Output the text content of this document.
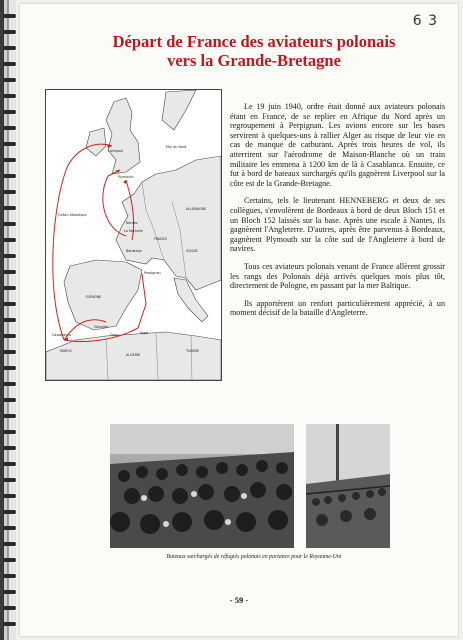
6 3
Départ de France des aviateurs polonais
vers la Grande-Bretagne
Mer du Nord
Liverpool
Plymouth
ALLEMAGNE
Océan Atlantique
Nantes
La Rochelle
FRANCE
SUISSE
Bordeaux
Perpignan
ESPAGNE
Gibraltar
Oran	Alger
Casablanca
MAROC
ALGERIE
TUNISIE

Le 19 juin 1940, ordre était donné aux aviateurs polonais étant en France, de se replier en Afrique du Nord après un regroupement à Perpignan. Les avions encore sur les bases servirent à quelques-uns à rallier Alger au risque de leur vie en cas de manque de carburant. Après trois heures de vol, ils atterrirent sur l'aérodrome de Maison-Blanche où un train militaire les emmena à 1200 km de là à Casablanca. Ensuite, ce fut à bord de bateaux surchargés qu'ils gagnèrent Liverpool sur la côte est de la Grande-Bretagne.

Certains, tels le lieutenant HENNEBERG et deux de ses collègues, s'envolèrent de Bordeaux à bord de deux Bloch 151 et un Bloch 152 laissés sur la base. Après une escale à Nantes, ils gagnèrent l'Angleterre. D'autres, après être parvenus à Bordeaux, gagnèrent Plymouth sur la côte sud de l'Angleterre à bord de navires.

Tous ces aviateurs polonais venant de France allèrent grossir les rangs des Polonais déjà arrivés quelques mois plus tôt, directement de Pologne, en passant par la mer Baltique.

Ils apportèrent un renfort particulièrement apprécié, à un moment décisif de la bataille d'Angleterre.

Bateaux surchargés de réfugiés polonais en partance pour le Royaume-Uni
- 59 -
